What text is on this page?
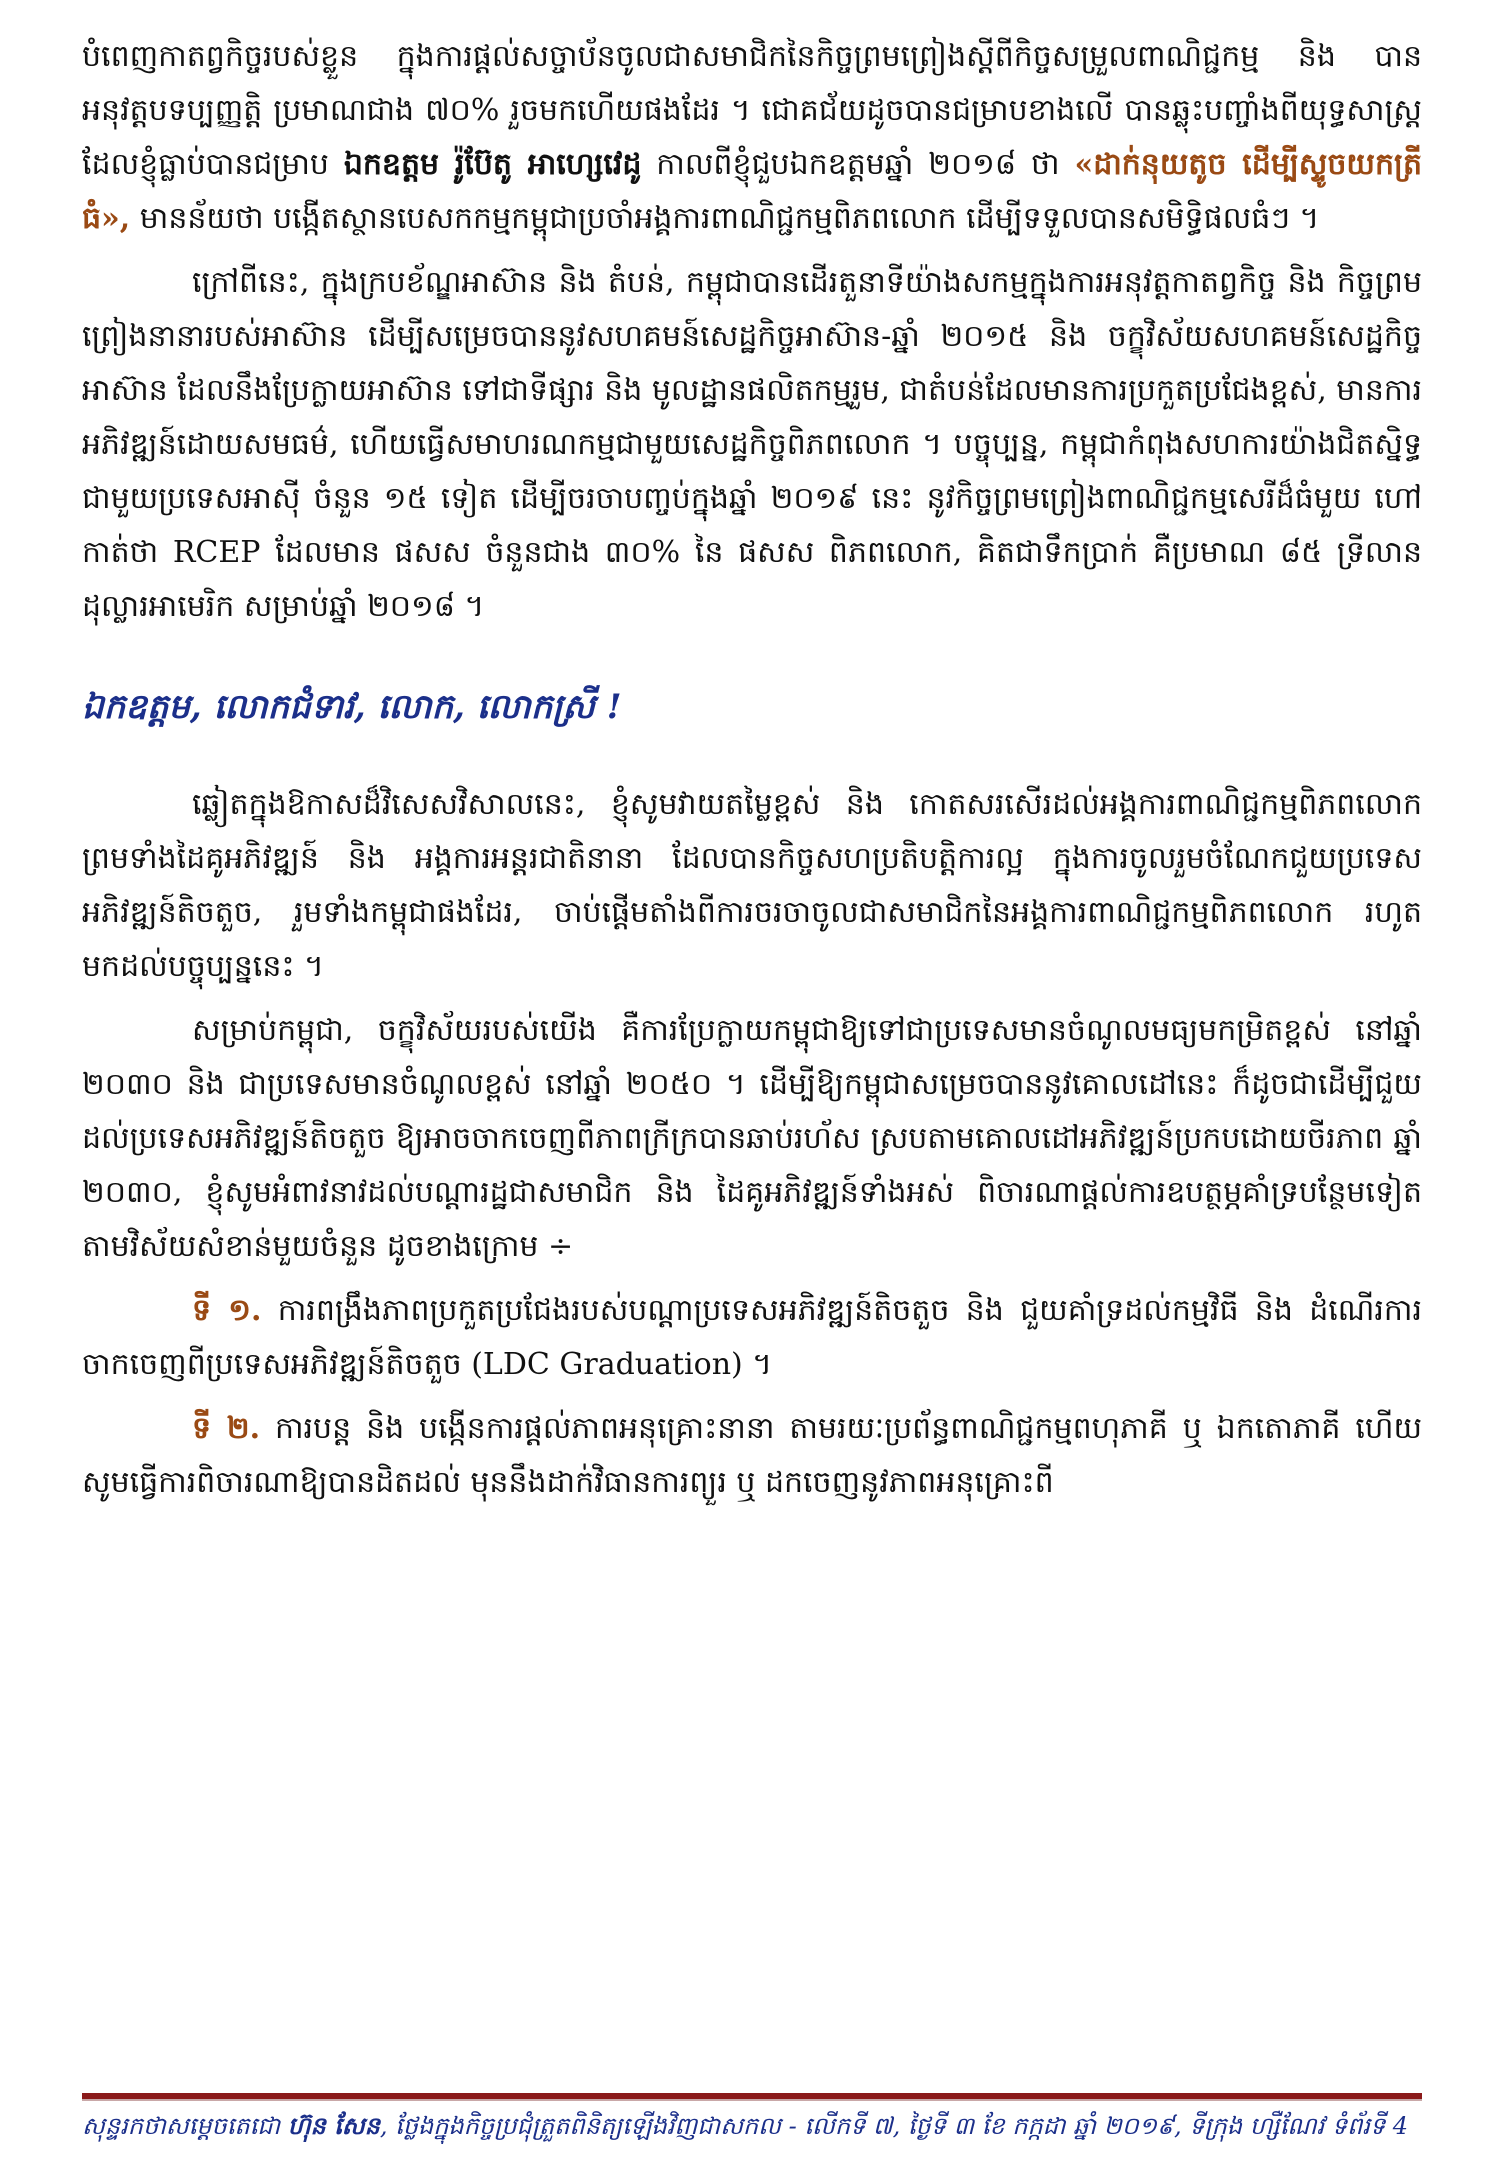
បំពេញកាតព្វកិច្ចរបស់ខ្លួន ក្នុងការផ្តល់សច្ចាប័នចូលជាសមាជិកនៃកិច្ចព្រមព្រៀងស្តីពីកិច្ចសម្រួលពាណិជ្ជកម្ម និង បានអនុវត្តបទប្បញ្ញត្តិ ប្រមាណជាង ៧០% រួចមកហើយផងដែរ ។ ជោគជ័យដូចបានជម្រាបខាងលើ បានឆ្លុះបញ្ចាំងពីយុទ្ធសាស្ត្រដែលខ្ញុំធ្លាប់បានជម្រាប ឯកឧត្តម រ៉ូប៊ែតូ អាហ្សេវេដូ កាលពីខ្ញុំជួបឯកឧត្តមឆ្នាំ ២០១៨ ថា «ដាក់នុយតូច ដើម្បីស្ទូចយកត្រីធំ», មានន័យថា បង្កើតស្ថានបេសកកម្មកម្ពុជាប្រចាំអង្គការពាណិជ្ជកម្មពិភពលោក ដើម្បីទទួលបានសមិទ្ធិផលធំៗ ។

ក្រៅពីនេះ, ក្នុងក្របខ័ណ្ឌអាស៊ាន និង តំបន់, កម្ពុជាបានដើរតួនាទីយ៉ាងសកម្មក្នុងការអនុវត្តកាតព្វកិច្ច និង កិច្ចព្រមព្រៀងនានារបស់អាស៊ាន ដើម្បីសម្រេចបាននូវសហគមន៍សេដ្ឋកិច្ចអាស៊ាន-ឆ្នាំ ២០១៥ និង ចក្ខុវិស័យសហគមន៍សេដ្ឋកិច្ចអាស៊ាន ដែលនឹងប្រែក្លាយអាស៊ាន ទៅជាទីផ្សារ និង មូលដ្ឋានផលិតកម្មរួម, ជាតំបន់ដែលមានការប្រកួតប្រជែងខ្ពស់, មានការអភិវឌ្ឍន៍ដោយសមធម៌, ហើយធ្វើសមាហរណកម្មជាមួយសេដ្ឋកិច្ចពិភពលោក ។ បច្ចុប្បន្ន, កម្ពុជាកំពុងសហការយ៉ាងជិតស្និទ្ធជាមួយប្រទេសអាស៊ី ចំនួន ១៥ ទៀត ដើម្បីចរចាបញ្ចប់ក្នុងឆ្នាំ ២០១៩ នេះ នូវកិច្ចព្រមព្រៀងពាណិជ្ជកម្មសេរីដ៏ធំមួយ ហៅកាត់ថា RCEP ដែលមាន ផសស ចំនួនជាង ៣០% នៃ ផសស ពិភពលោក, គិតជាទឹកប្រាក់ គឺប្រមាណ ៨៥ ទ្រីលានដុល្លារអាមេរិក សម្រាប់ឆ្នាំ ២០១៨ ។

ឯកឧត្តម, លោកជំទាវ, លោក, លោកស្រី !

ឆ្លៀតក្នុងឱកាសដ៏វិសេសវិសាលនេះ, ខ្ញុំសូមវាយតម្លៃខ្ពស់ និង កោតសរសើរដល់អង្គការពាណិជ្ជកម្មពិភពលោក ព្រមទាំងដៃគូអភិវឌ្ឍន៍ និង អង្គការអន្តរជាតិនានា ដែលបានកិច្ចសហប្រតិបត្តិការល្អ ក្នុងការចូលរួមចំណែកជួយប្រទេសអភិវឌ្ឍន៍តិចតួច, រួមទាំងកម្ពុជាផងដែរ, ចាប់ផ្តើមតាំងពីការចរចាចូលជាសមាជិកនៃអង្គការពាណិជ្ជកម្មពិភពលោក រហូតមកដល់បច្ចុប្បន្ននេះ ។

សម្រាប់កម្ពុជា, ចក្ខុវិស័យរបស់យើង គឺការប្រែក្លាយកម្ពុជាឱ្យទៅជាប្រទេសមានចំណូលមធ្យមកម្រិតខ្ពស់ នៅឆ្នាំ ២០៣០ និង ជាប្រទេសមានចំណូលខ្ពស់ នៅឆ្នាំ ២០៥០ ។ ដើម្បីឱ្យកម្ពុជាសម្រេចបាននូវគោលដៅនេះ ក៏ដូចជាដើម្បីជួយដល់ប្រទេសអភិវឌ្ឍន៍តិចតួច ឱ្យអាចចាកចេញពីភាពក្រីក្របានឆាប់រហ័ស ស្របតាមគោលដៅអភិវឌ្ឍន៍ប្រកបដោយចីរភាព ឆ្នាំ ២០៣០, ខ្ញុំសូមអំពាវនាវដល់បណ្តារដ្ឋជាសមាជិក និង ដៃគូអភិវឌ្ឍន៍ទាំងអស់ ពិចារណាផ្តល់ការឧបត្ថម្ភគាំទ្របន្ថែមទៀត តាមវិស័យសំខាន់មួយចំនួន ដូចខាងក្រោម ÷

ទី ១. ការពង្រឹងភាពប្រកួតប្រជែងរបស់បណ្តាប្រទេសអភិវឌ្ឍន៍តិចតួច និង ជួយគាំទ្រដល់កម្មវិធី និង ដំណើរការចាកចេញពីប្រទេសអភិវឌ្ឍន៍តិចតួច (LDC Graduation) ។

ទី ២. ការបន្ត និង បង្កើនការផ្តល់ភាពអនុគ្រោះនានា តាមរយៈប្រព័ន្ធពាណិជ្ជកម្មពហុភាគី ឬ ឯកតោភាគី ហើយសូមធ្វើការពិចារណាឱ្យបានដិតដល់ មុននឹងដាក់វិធានការព្យួរ ឬ ដកចេញនូវភាពអនុគ្រោះពី

សុន្ទរកថាសម្តេចតេជោ ហ៊ុន សែន, ថ្លែងក្នុងកិច្ចប្រជុំត្រួតពិនិត្យឡើងវិញជាសកល - លើកទី ៧, ថ្ងៃទី ៣ ខែ កក្កដា ឆ្នាំ ២០១៩, ទីក្រុង ហ្សឺណែវ ទំព័រទី 4
